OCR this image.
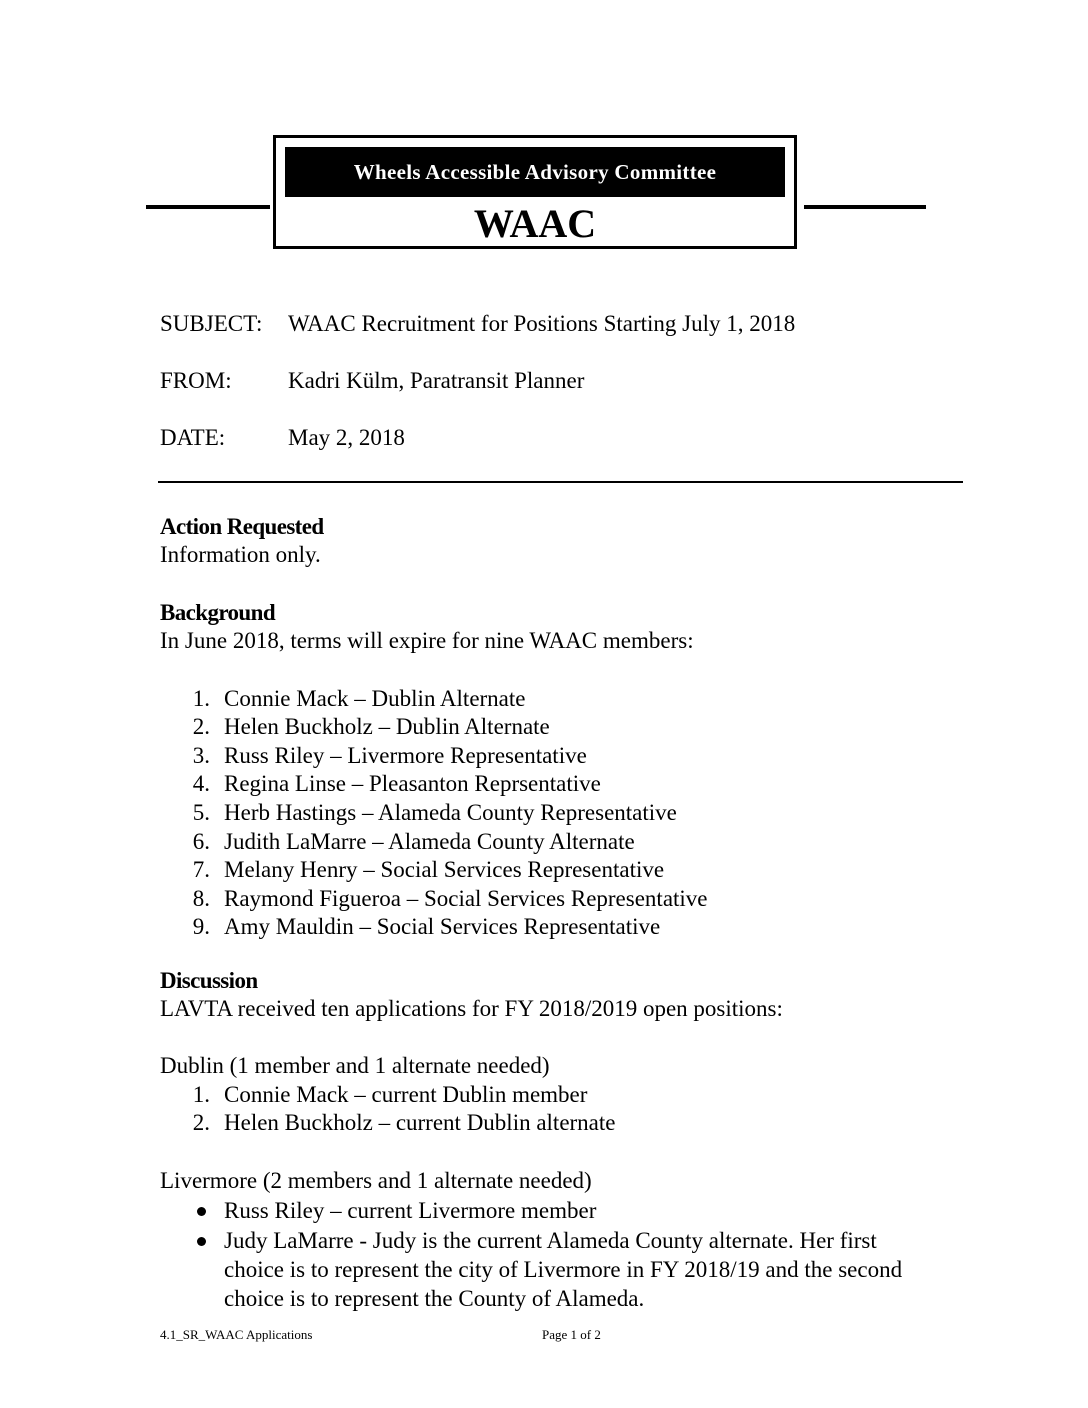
Wheels Accessible Advisory Committee
WAAC
SUBJECT: WAAC Recruitment for Positions Starting July 1, 2018
FROM: Kadri Külm, Paratransit Planner
DATE:	May 2, 2018
Action Requested
Information only.
Background
In June 2018, terms will expire for nine WAAC members:
1. Connie Mack – Dublin Alternate
2. Helen Buckholz – Dublin Alternate
3. Russ Riley – Livermore Representative
4. Regina Linse – Pleasanton Reprsentative
5. Herb Hastings – Alameda County Representative
6. Judith LaMarre – Alameda County Alternate
7. Melany Henry – Social Services Representative
8. Raymond Figueroa – Social Services Representative
9. Amy Mauldin – Social Services Representative
Discussion
LAVTA received ten applications for FY 2018/2019 open positions:
Dublin (1 member and 1 alternate needed)
1. Connie Mack – current Dublin member
2. Helen Buckholz – current Dublin alternate
Livermore (2 members and 1 alternate needed)
Russ Riley – current Livermore member
Judy LaMarre - Judy is the current Alameda County alternate. Her first
choice is to represent the city of Livermore in FY 2018/19 and the second
choice is to represent the County of Alameda.
4.1_SR_WAAC Applications	Page 1 of 2
